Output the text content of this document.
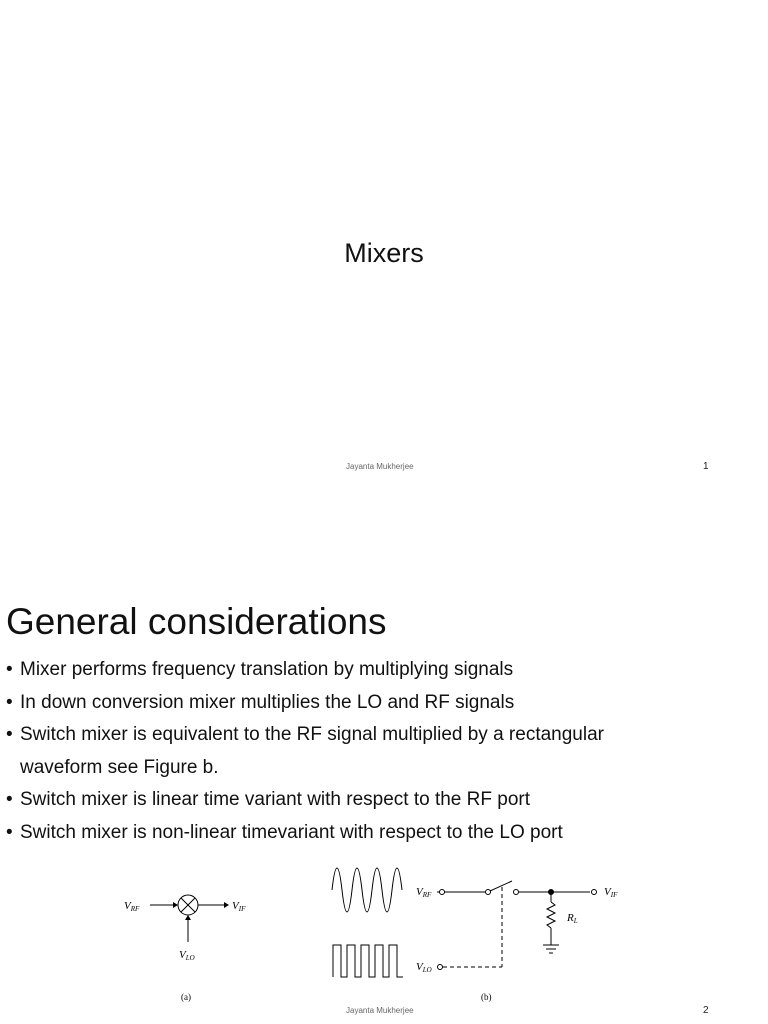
Mixers
Jayanta Mukherjee	1
General considerations
• Mixer performs frequency translation by multiplying signals
• In down conversion mixer multiplies the LO and RF signals
• Switch mixer is equivalent to the RF signal multiplied by a rectangular
waveform see Figure b.
• Switch mixer is linear time variant with respect to the RF port
• Switch mixer is non-linear timevariant with respect to the LO port
VRF	VIF
VLO
(a)
VRF	VIF
VLO
RL
(b)
Jayanta Mukherjee	2
